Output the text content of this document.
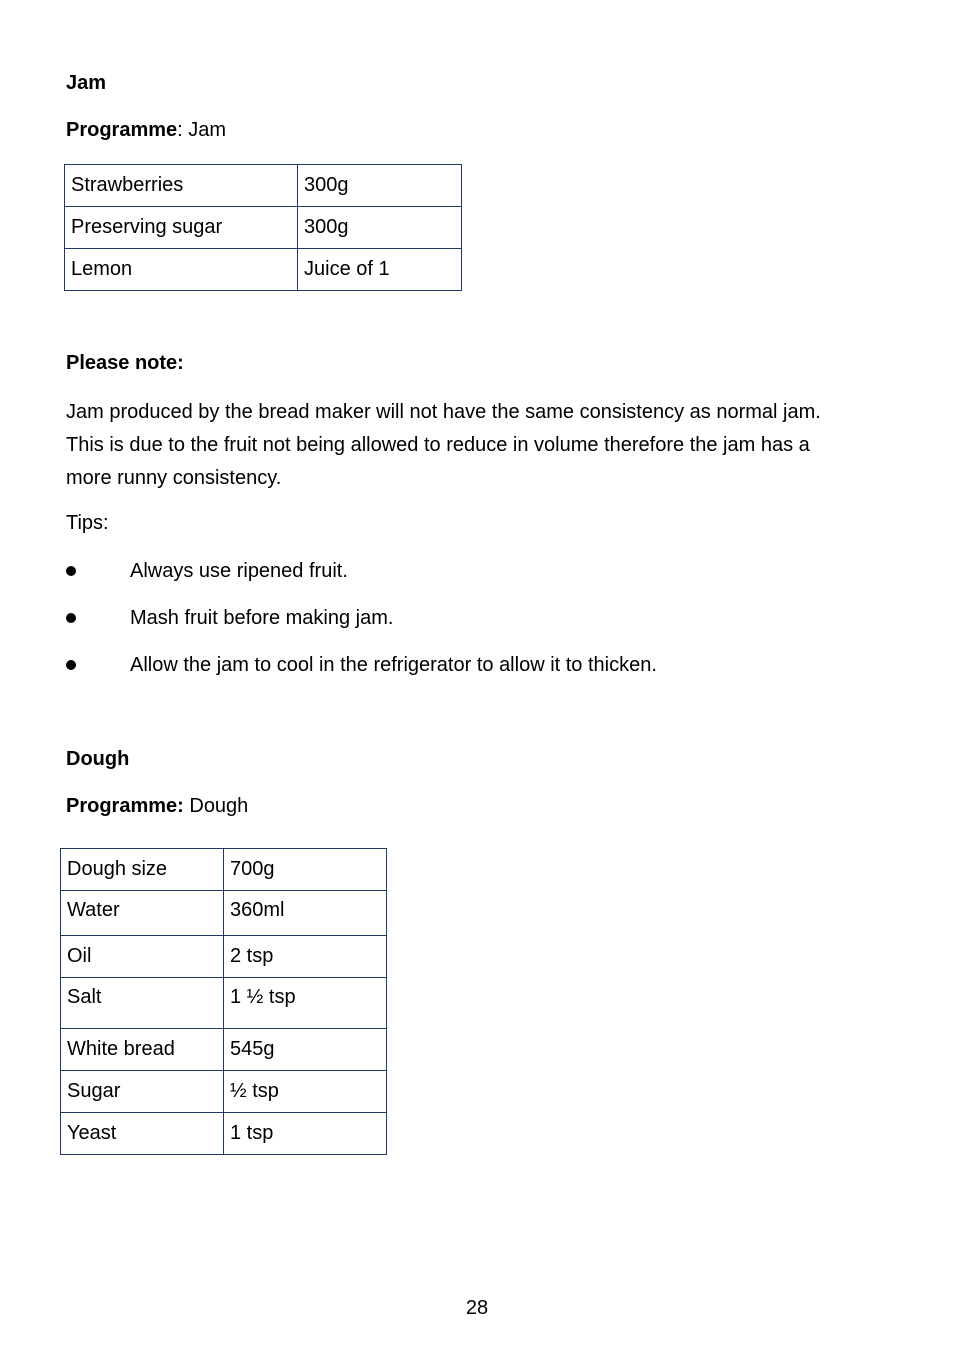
Jam
Programme: Jam
Strawberries	300g
Preserving sugar	300g
Lemon	Juice of 1
Please note:
Jam produced by the bread maker will not have the same consistency as normal jam.
This is due to the fruit not being allowed to reduce in volume therefore the jam has a
more runny consistency.
Tips:
Always use ripened fruit.
Mash fruit before making jam.
Allow the jam to cool in the refrigerator to allow it to thicken.
Dough
Programme: Dough
Dough size	700g
Water	360ml
Oil	2 tsp
Salt	1 ½ tsp
White bread	545g
Sugar	½ tsp
Yeast	1 tsp
28
